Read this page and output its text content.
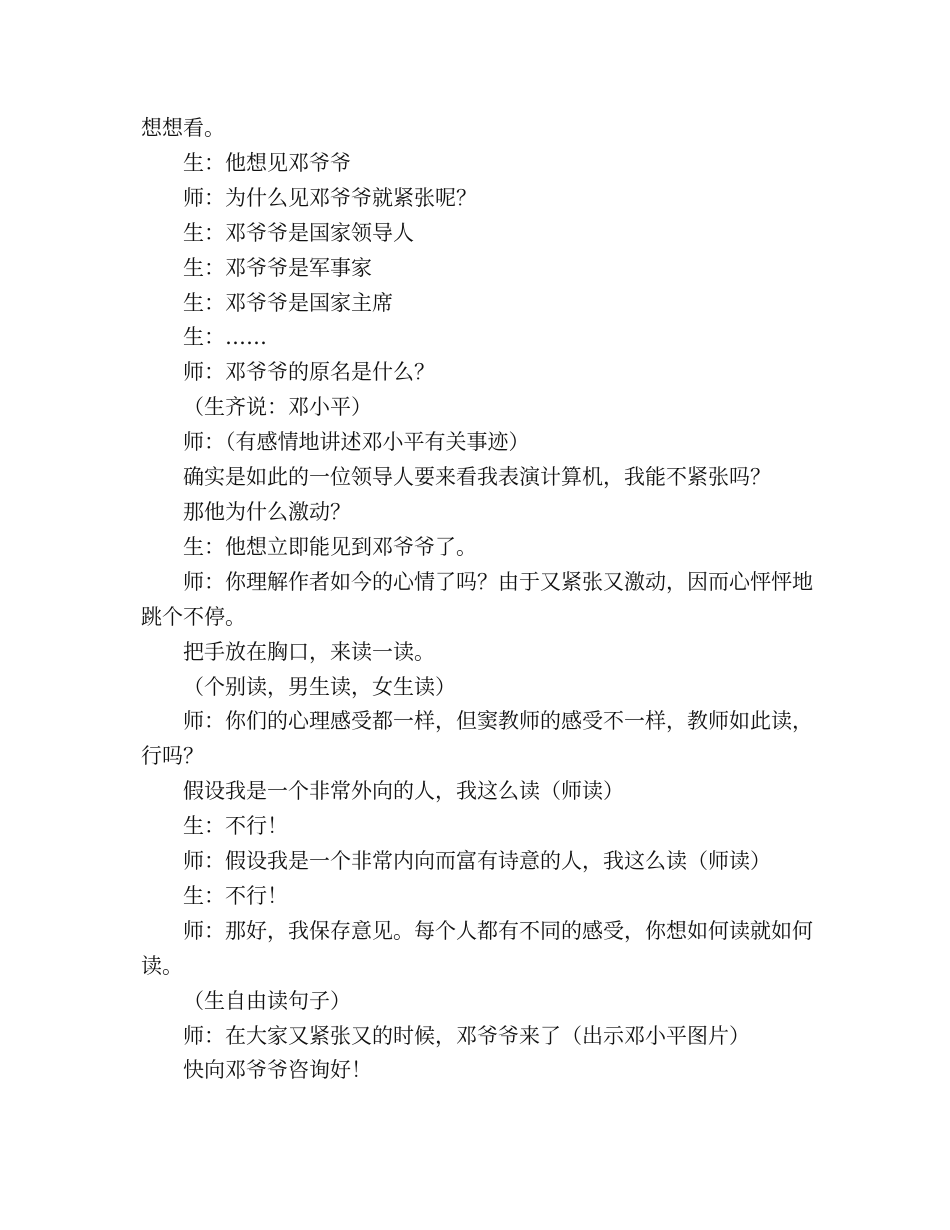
想想看。

生：他想见邓爷爷

师：为什么见邓爷爷就紧张呢？

生：邓爷爷是国家领导人

生：邓爷爷是军事家

生：邓爷爷是国家主席

生：……

师：邓爷爷的原名是什么？

（生齐说：邓小平）

师：（有感情地讲述邓小平有关事迹）

确实是如此的一位领导人要来看我表演计算机，我能不紧张吗？

那他为什么激动？

生：他想立即能见到邓爷爷了。

师：你理解作者如今的心情了吗？由于又紧张又激动，因而心怦怦地跳个不停。

把手放在胸口，来读一读。

（个别读，男生读，女生读）

师：你们的心理感受都一样，但窦教师的感受不一样，教师如此读，行吗？

假设我是一个非常外向的人，我这么读（师读）

生：不行！

师：假设我是一个非常内向而富有诗意的人，我这么读（师读）

生：不行！

师：那好，我保存意见。每个人都有不同的感受，你想如何读就如何读。

（生自由读句子）

师：在大家又紧张又的时候，邓爷爷来了（出示邓小平图片）

快向邓爷爷咨询好！
